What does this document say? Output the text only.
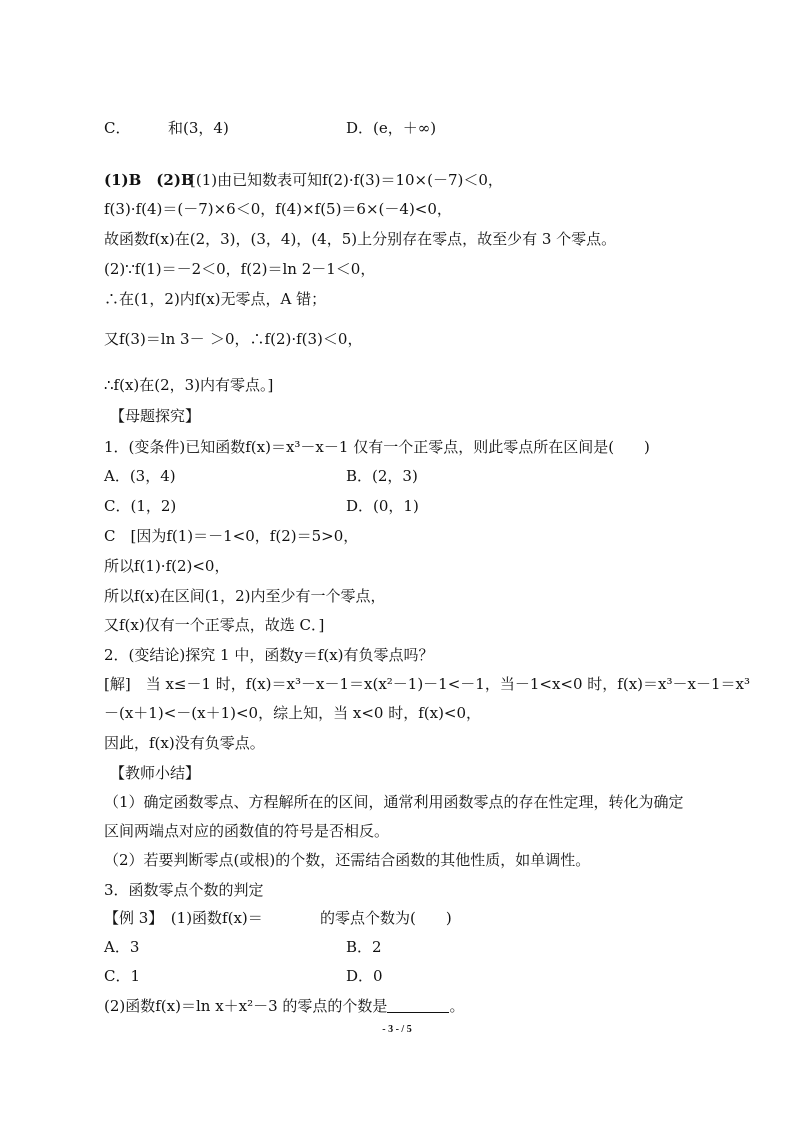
C．	和(3，4)	D．(e，＋∞)
(1)B　(2)B
[(1)由已知数表可知f(2)·f(3)＝10×(－7)＜0，
f(3)·f(4)＝(－7)×6＜0，f(4)×f(5)＝6×(－4)<0，
故函数f(x)在(2，3)，(3，4)，(4，5)上分别存在零点，故至少有 3 个零点。
(2)∵f(1)＝－2＜0，f(2)＝ln 2－1＜0，
∴在(1，2)内f(x)无零点，A 错；
又f(3)＝ln 3－ ＞0，∴f(2)·f(3)＜0，
∴f(x)在(2，3)内有零点。]
【母题探究】
1．(变条件)已知函数f(x)＝x³－x－1 仅有一个正零点，则此零点所在区间是(　　)
A．(3，4)	B．(2，3)
C．(1，2)	D．(0，1)
C　[因为f(1)＝－1<0，f(2)＝5>0，
所以f(1)·f(2)<0，
所以f(x)在区间(1，2)内至少有一个零点，
又f(x)仅有一个正零点，故选 C．]
2．(变结论)探究 1 中，函数y＝f(x)有负零点吗？
[解]　当 x≤－1 时，f(x)＝x³－x－1＝x(x²－1)－1<－1，当－1<x<0 时，f(x)＝x³－x－1＝x³
－(x＋1)<－(x＋1)<0，综上知，当 x<0 时，f(x)<0，
因此，f(x)没有负零点。
【教师小结】
（1）确定函数零点、方程解所在的区间，通常利用函数零点的存在性定理，转化为确定
区间两端点对应的函数值的符号是否相反。
（2）若要判断零点(或根)的个数，还需结合函数的其他性质，如单调性。
3．函数零点个数的判定
【例 3】　(1)函数f(x)＝	的零点个数为(　　)
A．3	B．2
C．1	D．0
(2)函数f(x)＝ln x＋x²－3 的零点的个数是	。
- 3 - / 5
